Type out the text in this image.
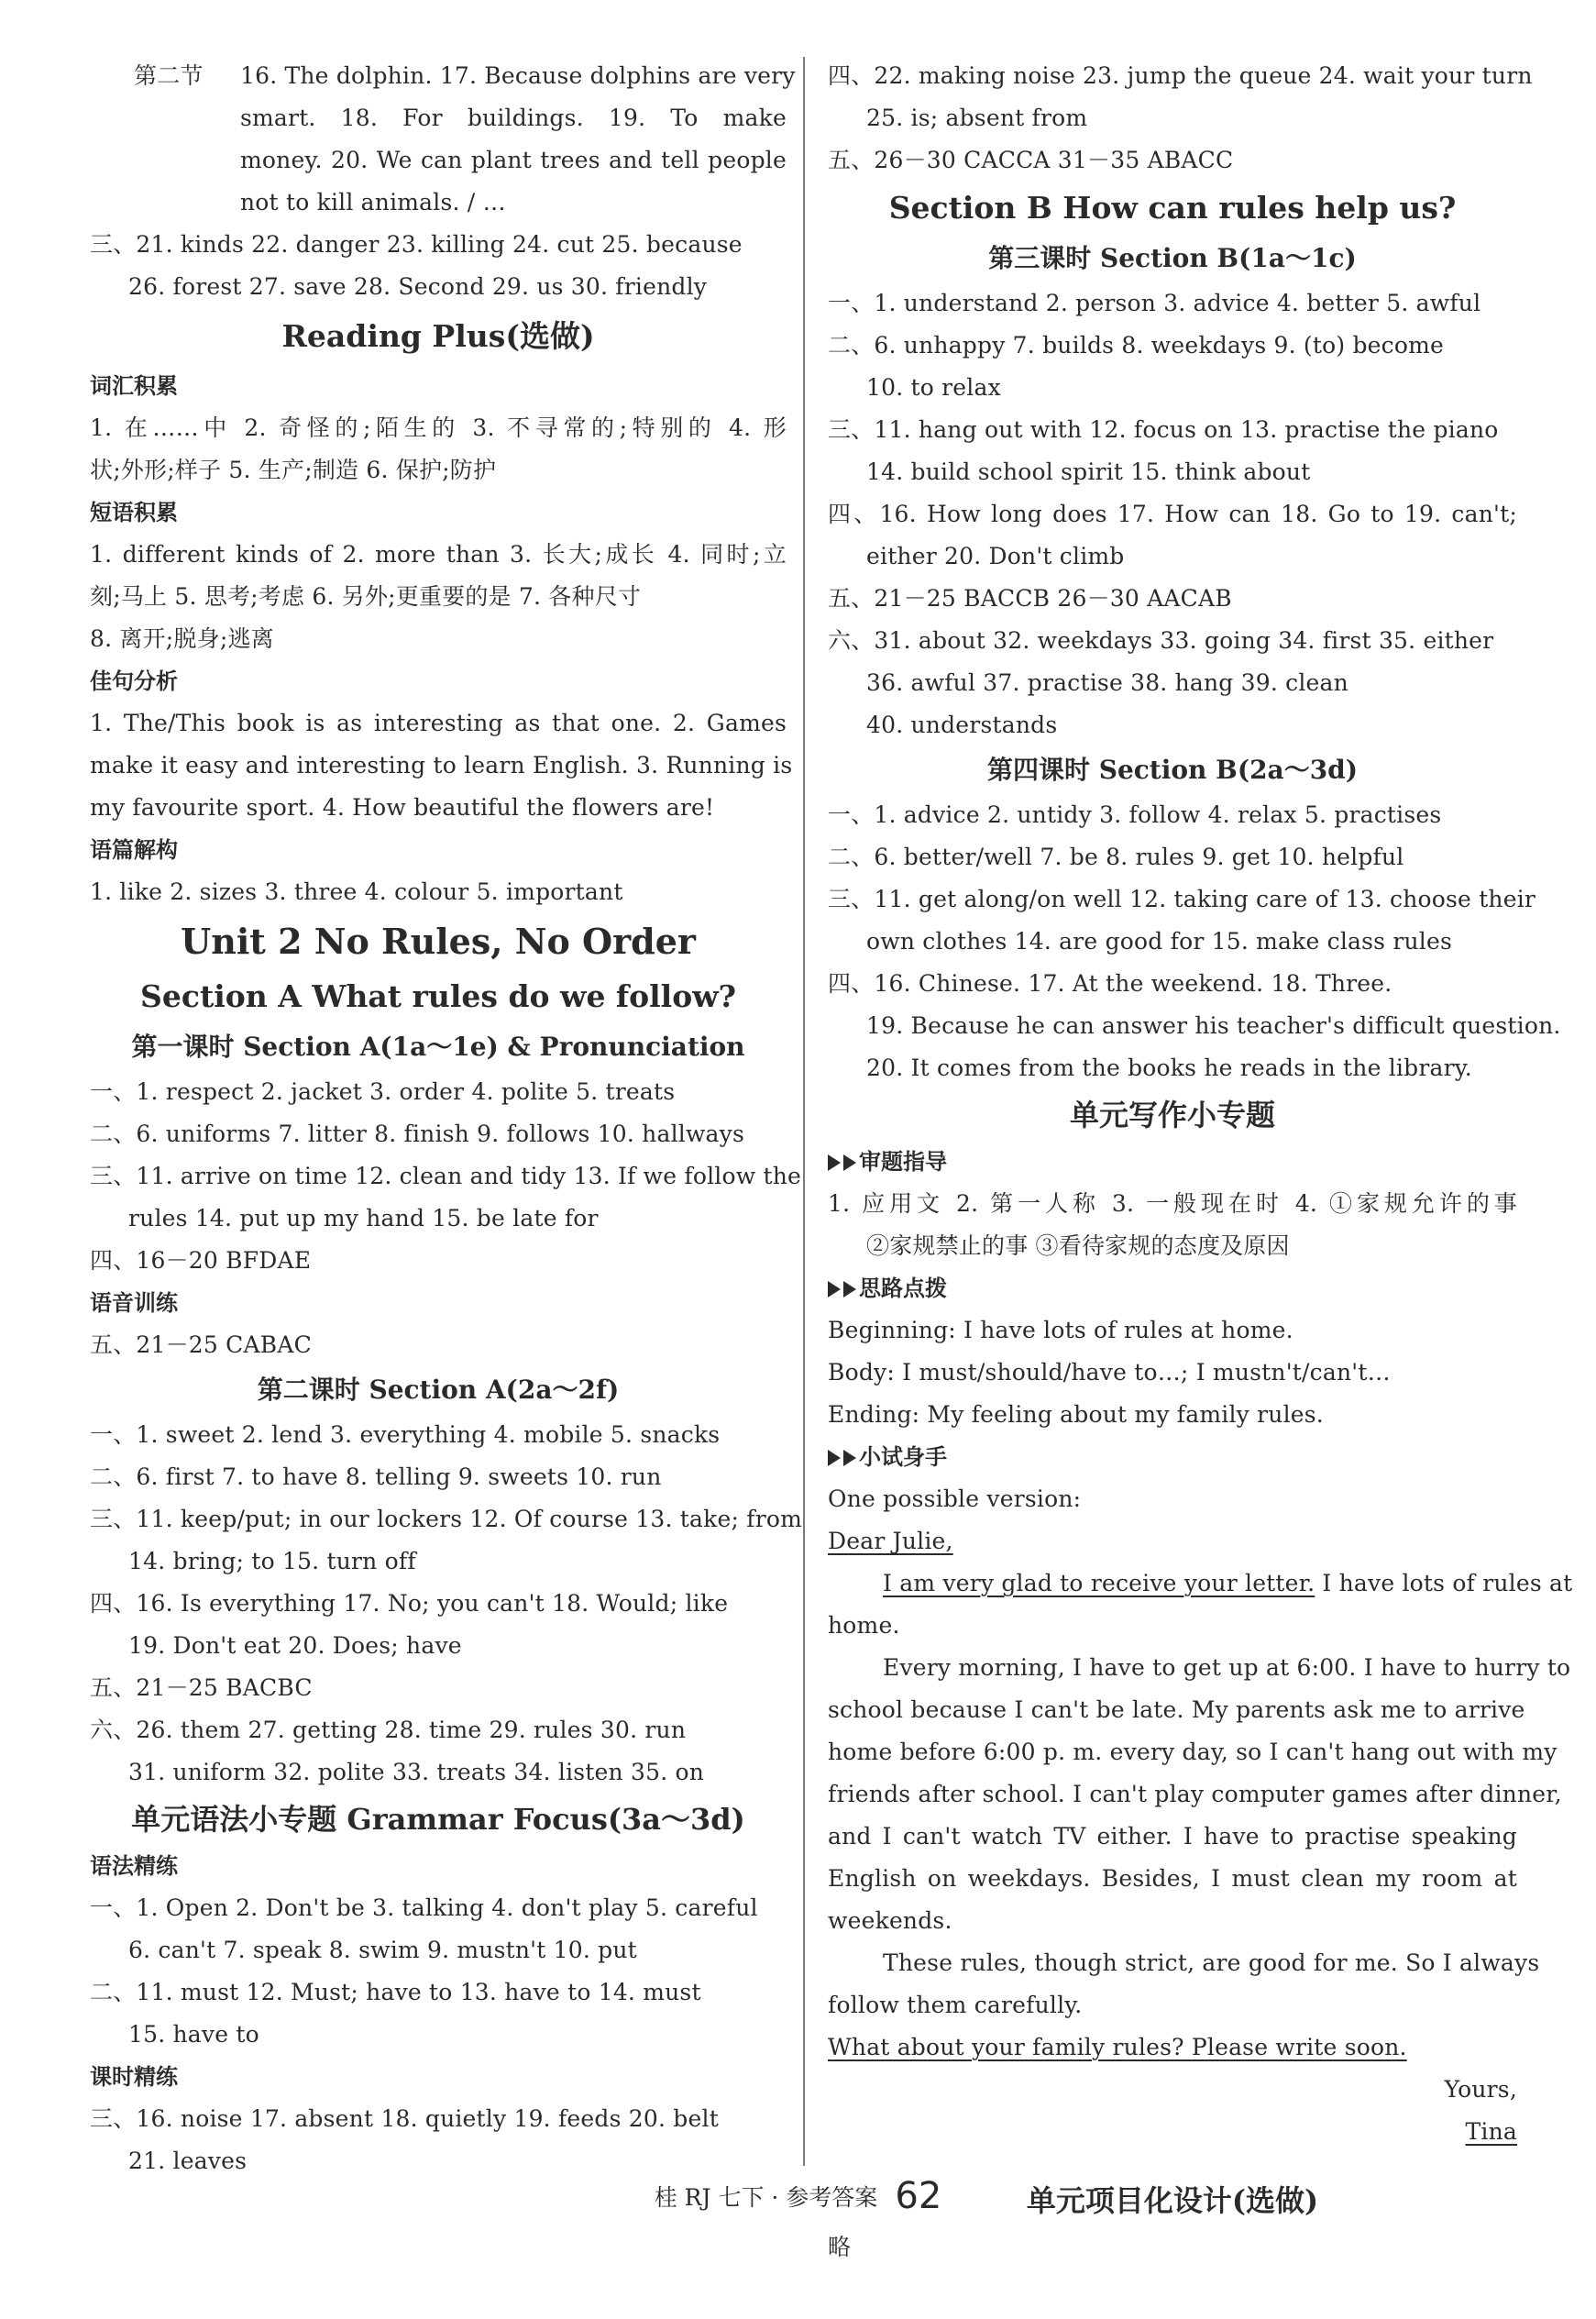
第二节 16. The dolphin. 17. Because dolphins are very
smart. 18. For buildings. 19. To make
money. 20. We can plant trees and tell people
not to kill animals. / …
三、21. kinds 22. danger 23. killing 24. cut 25. because
26. forest 27. save 28. Second 29. us 30. friendly
Reading Plus(选做)
词汇积累
1. 在……中 2. 奇怪的;陌生的 3. 不寻常的;特别的 4. 形
状;外形;样子 5. 生产;制造 6. 保护;防护
短语积累
1. different kinds of 2. more than 3. 长大;成长 4. 同时;立
刻;马上 5. 思考;考虑 6. 另外;更重要的是 7. 各种尺寸
8. 离开;脱身;逃离
佳句分析
1. The/This book is as interesting as that one. 2. Games
make it easy and interesting to learn English. 3. Running is
my favourite sport. 4. How beautiful the flowers are!
语篇解构
1. like 2. sizes 3. three 4. colour 5. important
Unit 2 No Rules, No Order
Section A What rules do we follow?
第一课时 Section A(1a～1e) & Pronunciation
一、1. respect 2. jacket 3. order 4. polite 5. treats
二、6. uniforms 7. litter 8. finish 9. follows 10. hallways
三、11. arrive on time 12. clean and tidy 13. If we follow the
rules 14. put up my hand 15. be late for
四、16－20 BFDAE
语音训练
五、21－25 CABAC
第二课时 Section A(2a～2f)
一、1. sweet 2. lend 3. everything 4. mobile 5. snacks
二、6. first 7. to have 8. telling 9. sweets 10. run
三、11. keep/put; in our lockers 12. Of course 13. take; from
14. bring; to 15. turn off
四、16. Is everything 17. No; you can't 18. Would; like
19. Don't eat 20. Does; have
五、21－25 BACBC
六、26. them 27. getting 28. time 29. rules 30. run
31. uniform 32. polite 33. treats 34. listen 35. on
单元语法小专题 Grammar Focus(3a～3d)
语法精练
一、1. Open 2. Don't be 3. talking 4. don't play 5. careful
6. can't 7. speak 8. swim 9. mustn't 10. put
二、11. must 12. Must; have to 13. have to 14. must
15. have to
课时精练
三、16. noise 17. absent 18. quietly 19. feeds 20. belt
21. leaves
四、22. making noise 23. jump the queue 24. wait your turn
25. is; absent from
五、26－30 CACCA 31－35 ABACC
Section B How can rules help us?
第三课时 Section B(1a～1c)
一、1. understand 2. person 3. advice 4. better 5. awful
二、6. unhappy 7. builds 8. weekdays 9. (to) become
10. to relax
三、11. hang out with 12. focus on 13. practise the piano
14. build school spirit 15. think about
四、16. How long does 17. How can 18. Go to 19. can't;
either 20. Don't climb
五、21－25 BACCB 26－30 AACAB
六、31. about 32. weekdays 33. going 34. first 35. either
36. awful 37. practise 38. hang 39. clean
40. understands
第四课时 Section B(2a～3d)
一、1. advice 2. untidy 3. follow 4. relax 5. practises
二、6. better/well 7. be 8. rules 9. get 10. helpful
三、11. get along/on well 12. taking care of 13. choose their
own clothes 14. are good for 15. make class rules
四、16. Chinese. 17. At the weekend. 18. Three.
19. Because he can answer his teacher's difficult question.
20. It comes from the books he reads in the library.
单元写作小专题
审题指导
1. 应用文 2. 第一人称 3. 一般现在时 4. ①家规允许的事
②家规禁止的事 ③看待家规的态度及原因
思路点拨
Beginning: I have lots of rules at home.
Body: I must/should/have to…; I mustn't/can't…
Ending: My feeling about my family rules.
小试身手
One possible version:
Dear Julie,
I am very glad to receive your letter. I have lots of rules at
home.
Every morning, I have to get up at 6:00. I have to hurry to
school because I can't be late. My parents ask me to arrive
home before 6:00 p. m. every day, so I can't hang out with my
friends after school. I can't play computer games after dinner,
and I can't watch TV either. I have to practise speaking
English on weekdays. Besides, I must clean my room at
weekends.
These rules, though strict, are good for me. So I always
follow them carefully.
What about your family rules? Please write soon.
Yours,
Tina
单元项目化设计(选做)
略
桂 RJ 七下 · 参考答案 62
